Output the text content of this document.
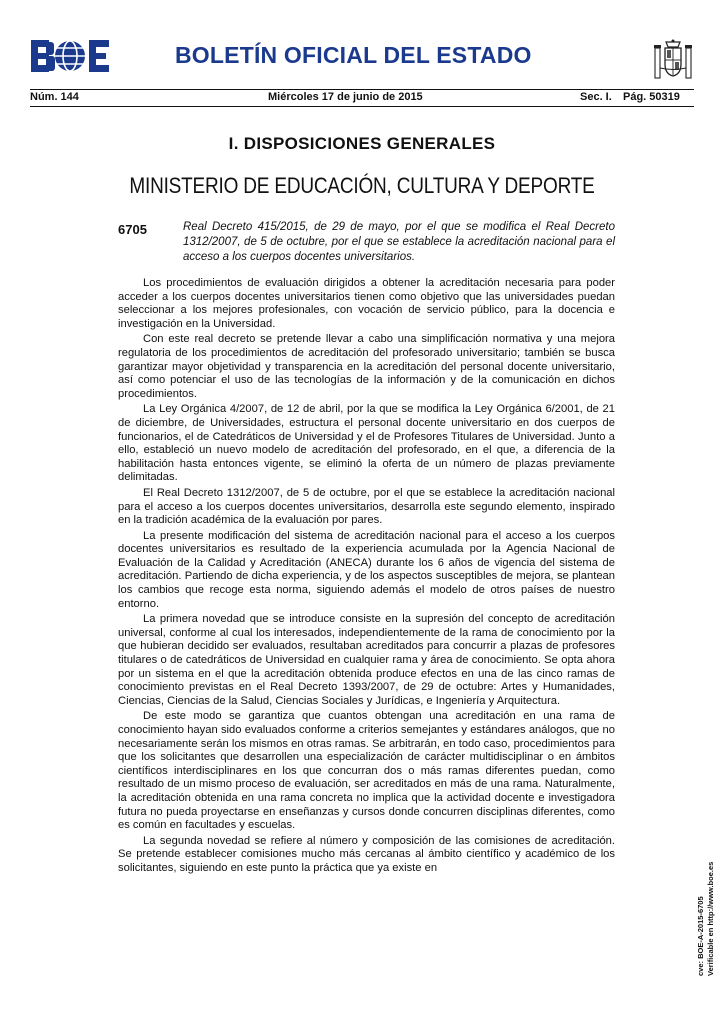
BOLETÍN OFICIAL DEL ESTADO
Núm. 144	Miércoles 17 de junio de 2015	Sec. I. Pág. 50319
I. DISPOSICIONES GENERALES
MINISTERIO DE EDUCACIÓN, CULTURA Y DEPORTE
6705	Real Decreto 415/2015, de 29 de mayo, por el que se modifica el Real Decreto 1312/2007, de 5 de octubre, por el que se establece la acreditación nacional para el acceso a los cuerpos docentes universitarios.

Los procedimientos de evaluación dirigidos a obtener la acreditación necesaria para poder acceder a los cuerpos docentes universitarios tienen como objetivo que las universidades puedan seleccionar a los mejores profesionales, con vocación de servicio público, para la docencia e investigación en la Universidad.

Con este real decreto se pretende llevar a cabo una simplificación normativa y una mejora regulatoria de los procedimientos de acreditación del profesorado universitario; también se busca garantizar mayor objetividad y transparencia en la acreditación del personal docente universitario, así como potenciar el uso de las tecnologías de la información y de la comunicación en dichos procedimientos.

La Ley Orgánica 4/2007, de 12 de abril, por la que se modifica la Ley Orgánica 6/2001, de 21 de diciembre, de Universidades, estructura el personal docente universitario en dos cuerpos de funcionarios, el de Catedráticos de Universidad y el de Profesores Titulares de Universidad. Junto a ello, estableció un nuevo modelo de acreditación del profesorado, en el que, a diferencia de la habilitación hasta entonces vigente, se eliminó la oferta de un número de plazas previamente delimitadas.

El Real Decreto 1312/2007, de 5 de octubre, por el que se establece la acreditación nacional para el acceso a los cuerpos docentes universitarios, desarrolla este segundo elemento, inspirado en la tradición académica de la evaluación por pares.

La presente modificación del sistema de acreditación nacional para el acceso a los cuerpos docentes universitarios es resultado de la experiencia acumulada por la Agencia Nacional de Evaluación de la Calidad y Acreditación (ANECA) durante los 6 años de vigencia del sistema de acreditación. Partiendo de dicha experiencia, y de los aspectos susceptibles de mejora, se plantean los cambios que recoge esta norma, siguiendo además el modelo de otros países de nuestro entorno.

La primera novedad que se introduce consiste en la supresión del concepto de acreditación universal, conforme al cual los interesados, independientemente de la rama de conocimiento por la que hubieran decidido ser evaluados, resultaban acreditados para concurrir a plazas de profesores titulares o de catedráticos de Universidad en cualquier rama y área de conocimiento. Se opta ahora por un sistema en el que la acreditación obtenida produce efectos en una de las cinco ramas de conocimiento previstas en el Real Decreto 1393/2007, de 29 de octubre: Artes y Humanidades, Ciencias, Ciencias de la Salud, Ciencias Sociales y Jurídicas, e Ingeniería y Arquitectura.

De este modo se garantiza que cuantos obtengan una acreditación en una rama de conocimiento hayan sido evaluados conforme a criterios semejantes y estándares análogos, que no necesariamente serán los mismos en otras ramas. Se arbitrarán, en todo caso, procedimientos para que los solicitantes que desarrollen una especialización de carácter multidisciplinar o en ámbitos científicos interdisciplinares en los que concurran dos o más ramas diferentes puedan, como resultado de un mismo proceso de evaluación, ser acreditados en más de una rama. Naturalmente, la acreditación obtenida en una rama concreta no implica que la actividad docente e investigadora futura no pueda proyectarse en enseñanzas y cursos donde concurren disciplinas diferentes, como es común en facultades y escuelas.

La segunda novedad se refiere al número y composición de las comisiones de acreditación. Se pretende establecer comisiones mucho más cercanas al ámbito científico y académico de los solicitantes, siguiendo en este punto la práctica que ya existe en

cve: BOE-A-2015-6705 Verificable en http://www.boe.es
